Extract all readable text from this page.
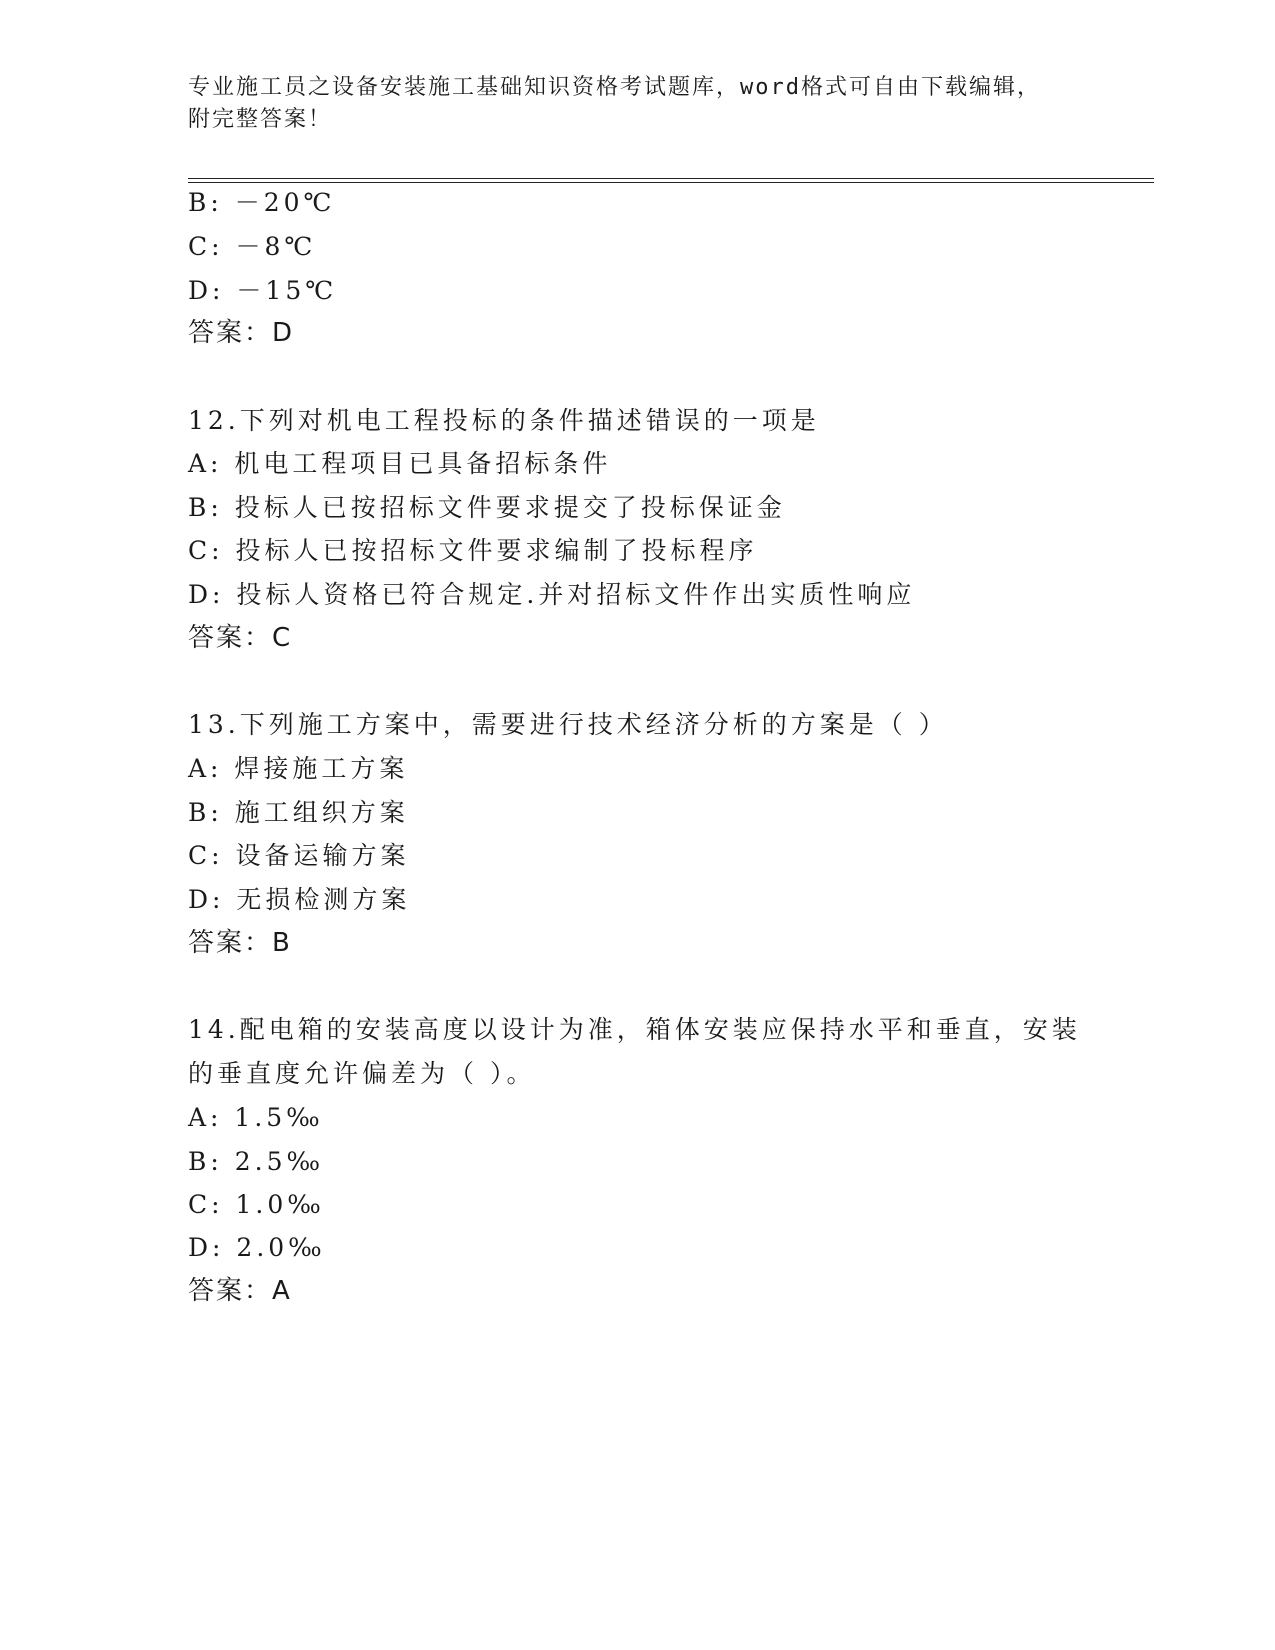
专业施工员之设备安装施工基础知识资格考试题库，word格式可自由下载编辑，
附完整答案！
B: －20℃
C: －8℃
D: －15℃
答案：D
12.下列对机电工程投标的条件描述错误的一项是
A: 机电工程项目已具备招标条件
B: 投标人已按招标文件要求提交了投标保证金
C: 投标人已按招标文件要求编制了投标程序
D: 投标人资格已符合规定.并对招标文件作出实质性响应
答案：C
13.下列施工方案中，需要进行技术经济分析的方案是（ ）
A: 焊接施工方案
B: 施工组织方案
C: 设备运输方案
D: 无损检测方案
答案：B
14.配电箱的安装高度以设计为准，箱体安装应保持水平和垂直，安装
的垂直度允许偏差为（ ）。
A: 1.5‰
B: 2.5‰
C: 1.0‰
D: 2.0‰
答案：A
